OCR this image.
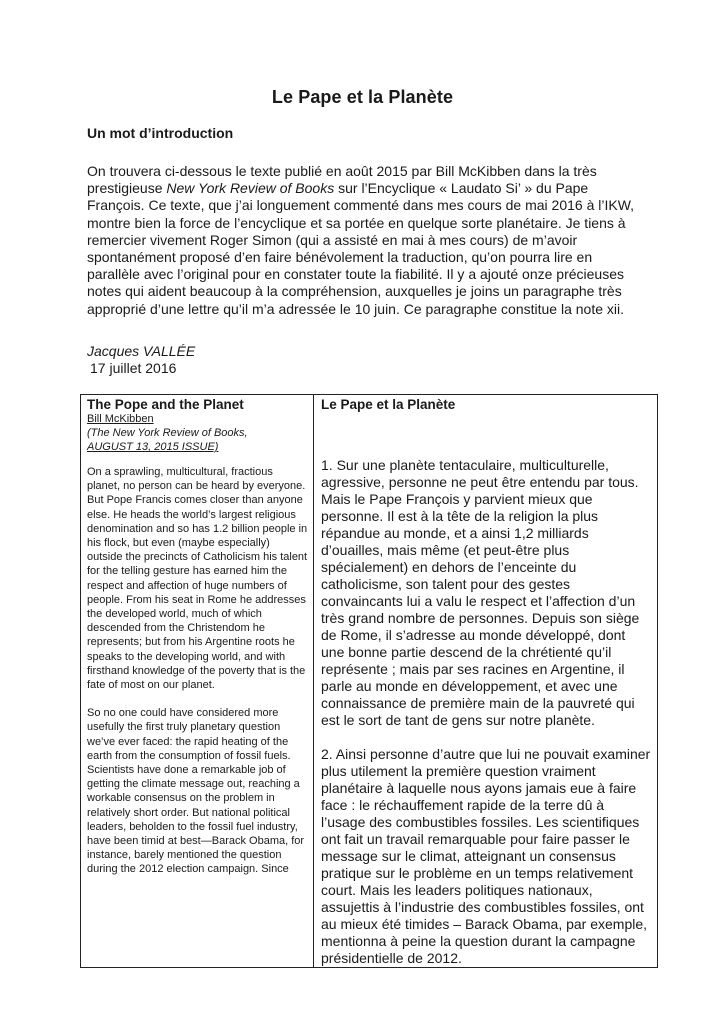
Le Pape et la Planète
Un mot d’introduction

On trouvera ci-dessous le texte publié en août 2015 par Bill McKibben dans la très prestigieuse New York Review of Books sur l’Encyclique « Laudato Si’ » du Pape François. Ce texte, que j’ai longuement commenté dans mes cours de mai 2016 à l’IKW, montre bien la force de l’encyclique et sa portée en quelque sorte planétaire. Je tiens à remercier vivement Roger Simon (qui a assisté en mai à mes cours) de m’avoir spontanément proposé d’en faire bénévolement la traduction, qu’on pourra lire en parallèle avec l’original pour en constater toute la fiabilité. Il y a ajouté onze précieuses notes qui aident beaucoup à la compréhension, auxquelles je joins un paragraphe très approprié d’une lettre qu’il m’a adressée le 10 juin. Ce paragraphe constitue la note xii.

Jacques VALLÉE
17 juillet 2016
The Pope and the Planet
Bill McKibben
(The New York Review of Books,
AUGUST 13, 2015 ISSUE)

On a sprawling, multicultural, fractious planet, no person can be heard by everyone. But Pope Francis comes closer than anyone else. He heads the world’s largest religious denomination and so has 1.2 billion people in his flock, but even (maybe especially) outside the precincts of Catholicism his talent for the telling gesture has earned him the respect and affection of huge numbers of people. From his seat in Rome he addresses the developed world, much of which descended from the Christendom he represents; but from his Argentine roots he speaks to the developing world, and with firsthand knowledge of the poverty that is the fate of most on our planet.

So no one could have considered more usefully the first truly planetary question we’ve ever faced: the rapid heating of the earth from the consumption of fossil fuels. Scientists have done a remarkable job of getting the climate message out, reaching a workable consensus on the problem in relatively short order. But national political leaders, beholden to the fossil fuel industry, have been timid at best—Barack Obama, for instance, barely mentioned the question during the 2012 election campaign. Since

Le Pape et la Planète

1. Sur une planète tentaculaire, multiculturelle, agressive, personne ne peut être entendu par tous. Mais le Pape François y parvient mieux que personne. Il est à la tête de la religion la plus répandue au monde, et a ainsi 1,2 milliards d’ouailles, mais même (et peut-être plus spécialement) en dehors de l’enceinte du catholicisme, son talent pour des gestes convaincants lui a valu le respect et l’affection d’un très grand nombre de personnes. Depuis son siège de Rome, il s’adresse au monde développé, dont une bonne partie descend de la chrétienté qu’il représente ; mais par ses racines en Argentine, il parle au monde en développement, et avec une connaissance de première main de la pauvreté qui est le sort de tant de gens sur notre planète.

2. Ainsi personne d’autre que lui ne pouvait examiner plus utilement la première question vraiment planétaire à laquelle nous ayons jamais eue à faire face : le réchauffement rapide de la terre dû à l’usage des combustibles fossiles. Les scientifiques ont fait un travail remarquable pour faire passer le message sur le climat, atteignant un consensus pratique sur le problème en un temps relativement court. Mais les leaders politiques nationaux, assujettis à l’industrie des combustibles fossiles, ont au mieux été timides – Barack Obama, par exemple, mentionna à peine la question durant la campagne présidentielle de 2012.
